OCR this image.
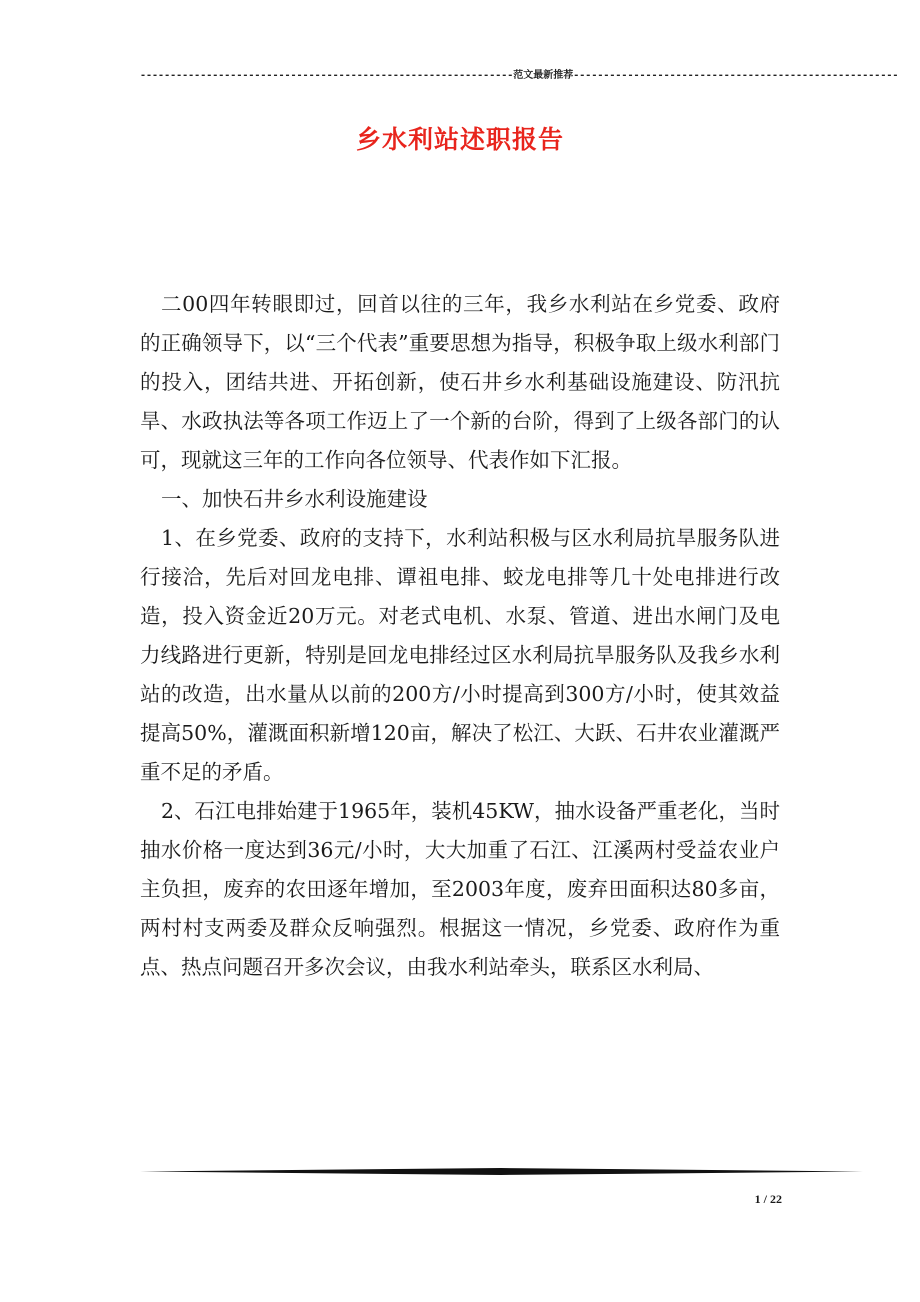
--------------------------------------------------------------范文最新推荐------------------------------------------------------
乡水利站述职报告

二00四年转眼即过，回首以往的三年，我乡水利站在乡党委、政府的正确领导下，以“三个代表”重要思想为指导，积极争取上级水利部门的投入，团结共进、开拓创新，使石井乡水利基础设施建设、防汛抗旱、水政执法等各项工作迈上了一个新的台阶，得到了上级各部门的认可，现就这三年的工作向各位领导、代表作如下汇报。

一、加快石井乡水利设施建设

1、在乡党委、政府的支持下，水利站积极与区水利局抗旱服务队进行接洽，先后对回龙电排、谭祖电排、蛟龙电排等几十处电排进行改造，投入资金近20万元。对老式电机、水泵、管道、进出水闸门及电力线路进行更新，特别是回龙电排经过区水利局抗旱服务队及我乡水利站的改造，出水量从以前的200方/小时提高到300方/小时，使其效益提高50%，灌溉面积新增120亩，解决了松江、大跃、石井农业灌溉严重不足的矛盾。

2、石江电排始建于1965年，装机45KW，抽水设备严重老化，当时抽水价格一度达到36元/小时，大大加重了石江、江溪两村受益农业户主负担，废弃的农田逐年增加，至2003年度，废弃田面积达80多亩，两村村支两委及群众反响强烈。根据这一情况，乡党委、政府作为重点、热点问题召开多次会议，由我水利站牵头，联系区水利局、

1 / 22
